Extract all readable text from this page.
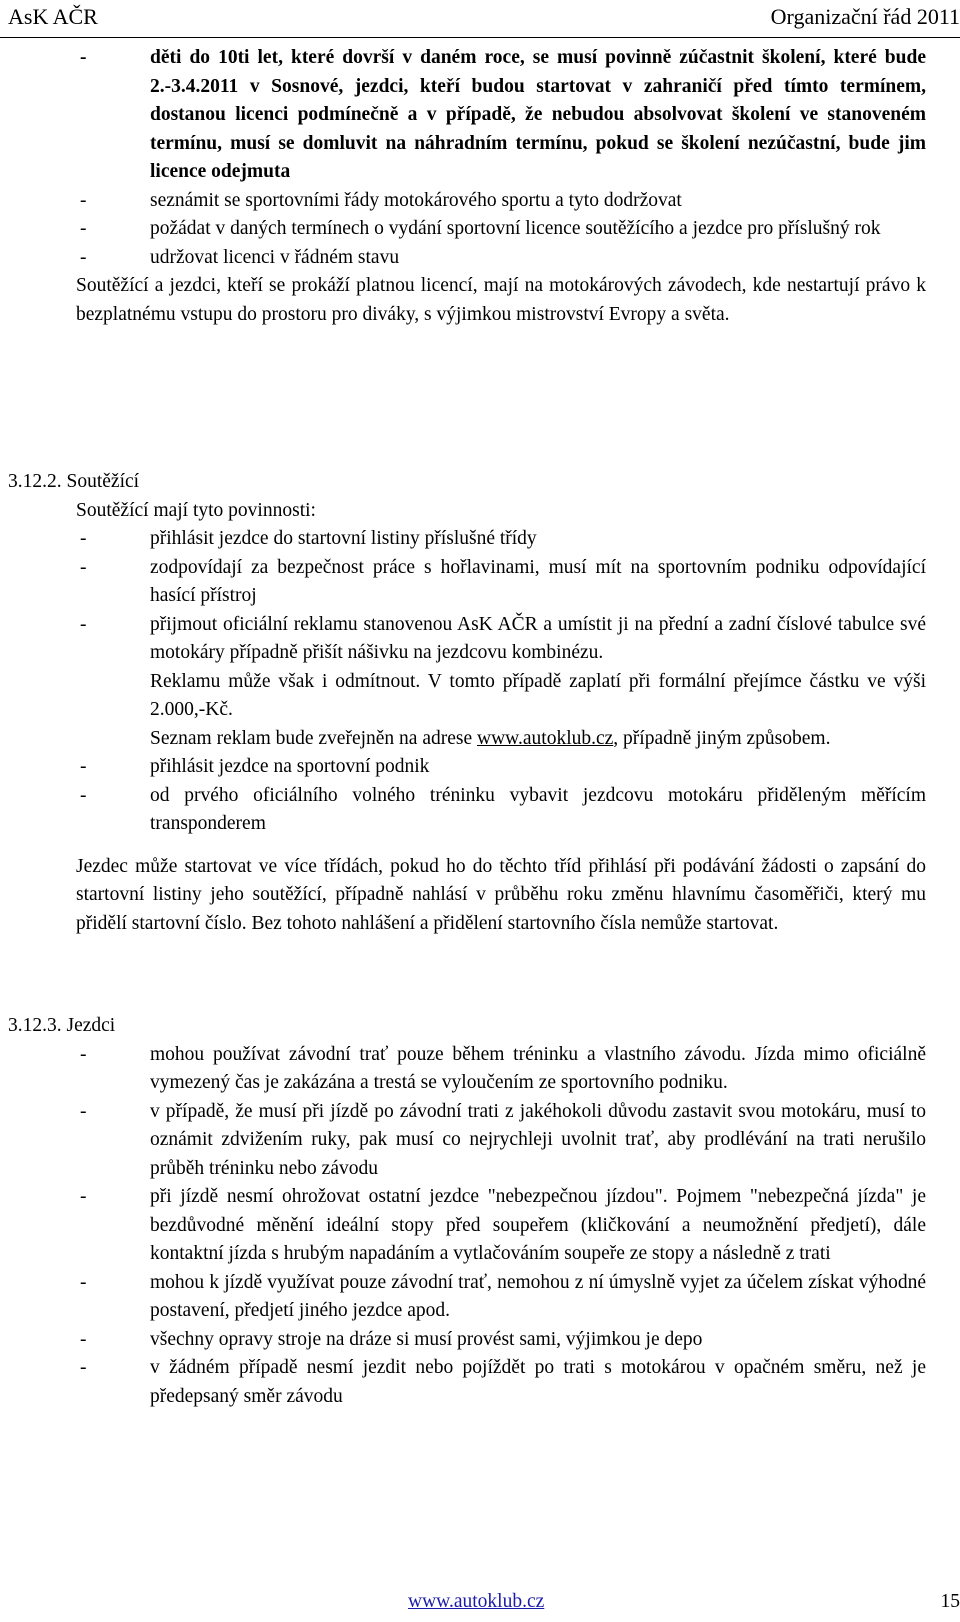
AsK AČR	Organizační řád 2011
-	děti do 10ti let, které dovrší v daném roce, se musí povinně zúčastnit školení, které bude 2.-3.4.2011 v Sosnové, jezdci, kteří budou startovat v zahraničí před tímto termínem, dostanou licenci podmínečně a v případě, že nebudou absolvovat školení ve stanoveném termínu, musí se domluvit na náhradním termínu, pokud se školení nezúčastní, bude jim licence odejmuta
-	seznámit se sportovními řády motokárového sportu a tyto dodržovat
-	požádat v daných termínech o vydání sportovní licence soutěžícího a jezdce pro příslušný rok
-	udržovat licenci v řádném stavu

Soutěžící a jezdci, kteří se prokáží platnou licencí, mají na motokárových závodech, kde nestartují právo k bezplatnému vstupu do prostoru pro diváky, s výjimkou mistrovství Evropy a světa.

3.12.2. Soutěžící
Soutěžící mají tyto povinnosti:
-	přihlásit jezdce do startovní listiny příslušné třídy
-	zodpovídají za bezpečnost práce s hořlavinami, musí mít na sportovním podniku odpovídající hasící přístroj
-	přijmout oficiální reklamu stanovenou AsK AČR a umístit ji na přední a zadní číslové tabulce své motokáry případně přišít nášivku na jezdcovu kombinézu.

Reklamu může však i odmítnout. V tomto případě zaplatí při formální přejímce částku ve výši 2.000,-Kč.

Seznam reklam bude zveřejněn na adrese www.autoklub.cz, případně jiným způsobem.

-	přihlásit jezdce na sportovní podnik
-	od prvého oficiálního volného tréninku vybavit jezdcovu motokáru přiděleným měřícím transponderem

Jezdec může startovat ve více třídách, pokud ho do těchto tříd přihlásí při podávání žádosti o zapsání do startovní listiny jeho soutěžící, případně nahlásí v průběhu roku změnu hlavnímu časoměřiči, který mu přidělí startovní číslo. Bez tohoto nahlášení a přidělení startovního čísla nemůže startovat.

3.12.3. Jezdci
-	mohou používat závodní trať pouze během tréninku a vlastního závodu. Jízda mimo oficiálně vymezený čas je zakázána a trestá se vyloučením ze sportovního podniku.
-	v případě, že musí při jízdě po závodní trati z jakéhokoli důvodu zastavit svou motokáru, musí to oznámit zdvižením ruky, pak musí co nejrychleji uvolnit trať, aby prodlévání na trati nerušilo průběh tréninku nebo závodu
-	při jízdě nesmí ohrožovat ostatní jezdce "nebezpečnou jízdou". Pojmem "nebezpečná jízda" je bezdůvodné měnění ideální stopy před soupeřem (kličkování a neumožnění předjetí), dále kontaktní jízda s hrubým napadáním a vytlačováním soupeře ze stopy a následně z trati
-	mohou k jízdě využívat pouze závodní trať, nemohou z ní úmyslně vyjet za účelem získat výhodné postavení, předjetí jiného jezdce apod.
-	všechny opravy stroje na dráze si musí provést sami, výjimkou je depo
-	v žádném případě nesmí jezdit nebo pojíždět po trati s motokárou v opačném směru, než je předepsaný směr závodu
www.autoklub.cz	15
